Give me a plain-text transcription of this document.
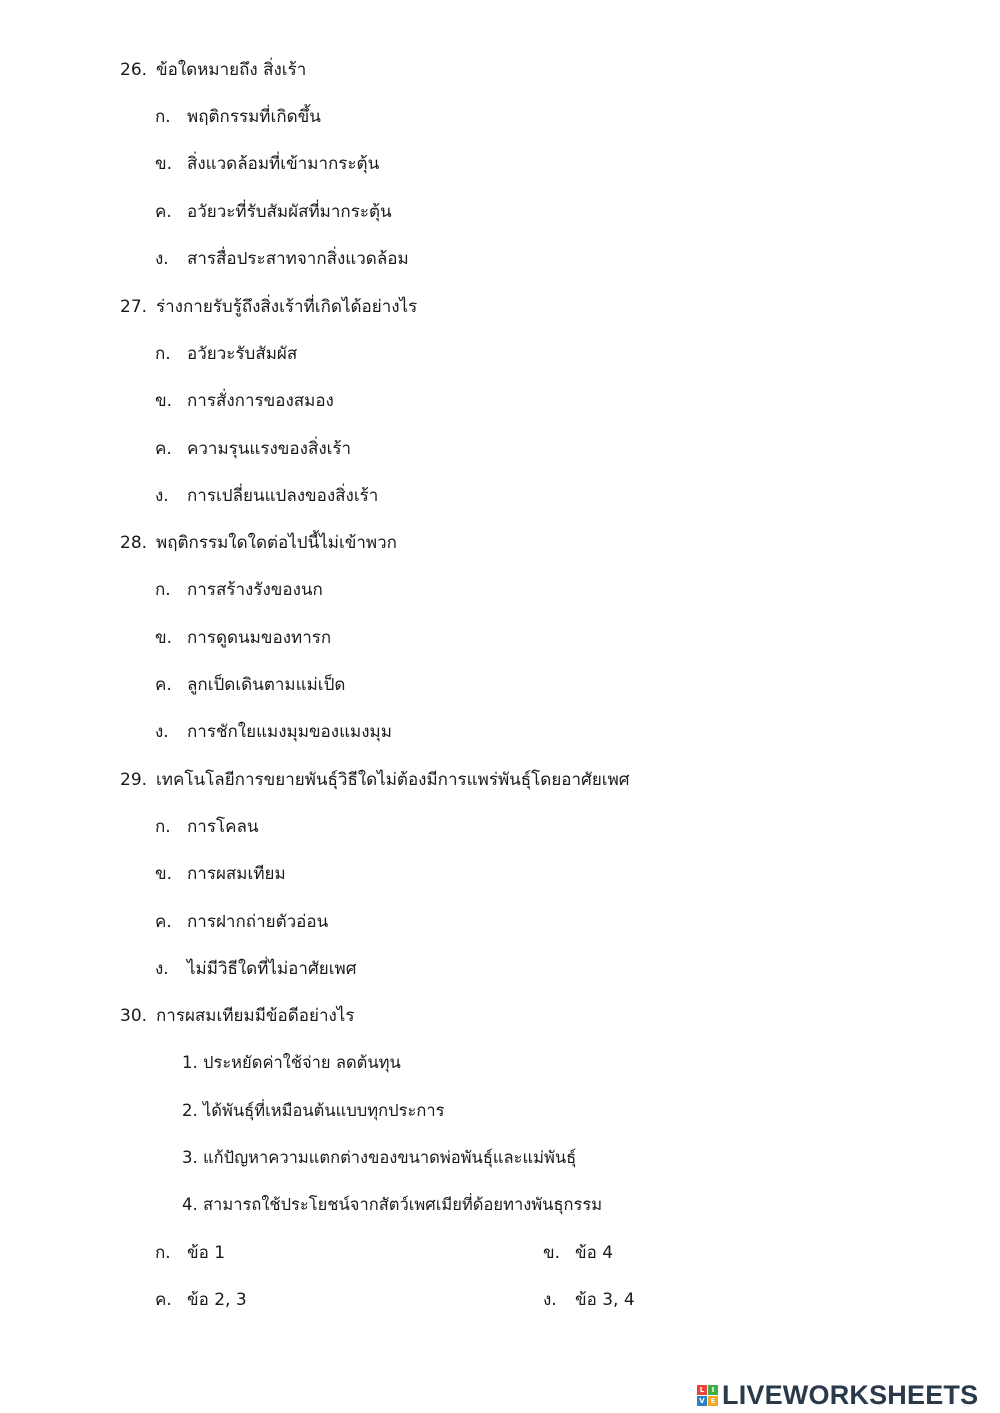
26. ข้อใดหมายถึง สิ่งเร้า
ก. พฤติกรรมที่เกิดขึ้น
ข. สิ่งแวดล้อมที่เข้ามากระตุ้น
ค. อวัยวะที่รับสัมผัสที่มากระตุ้น
ง. สารสื่อประสาทจากสิ่งแวดล้อม
27. ร่างกายรับรู้ถึงสิ่งเร้าที่เกิดได้อย่างไร
ก. อวัยวะรับสัมผัส
ข. การสั่งการของสมอง
ค. ความรุนแรงของสิ่งเร้า
ง. การเปลี่ยนแปลงของสิ่งเร้า
28. พฤติกรรมใดใดต่อไปนี้ไม่เข้าพวก
ก. การสร้างรังของนก
ข. การดูดนมของทารก
ค. ลูกเป็ดเดินตามแม่เป็ด
ง. การชักใยแมงมุมของแมงมุม
29. เทคโนโลยีการขยายพันธุ์วิธีใดไม่ต้องมีการแพร่พันธุ์โดยอาศัยเพศ
ก. การโคลน
ข. การผสมเทียม
ค. การฝากถ่ายตัวอ่อน
ง. ไม่มีวิธีใดที่ไม่อาศัยเพศ
30. การผสมเทียมมีข้อดีอย่างไร
1. ประหยัดค่าใช้จ่าย ลดต้นทุน
2. ได้พันธุ์ที่เหมือนต้นแบบทุกประการ
3. แก้ปัญหาความแตกต่างของขนาดพ่อพันธุ์และแม่พันธุ์
4. สามารถใช้ประโยชน์จากสัตว์เพศเมียที่ด้อยทางพันธุกรรม
ก. ข้อ 1	ข. ข้อ 4
ค. ข้อ 2, 3	ง. ข้อ 3, 4
L	I
V E LIVEWORKSHEETS
